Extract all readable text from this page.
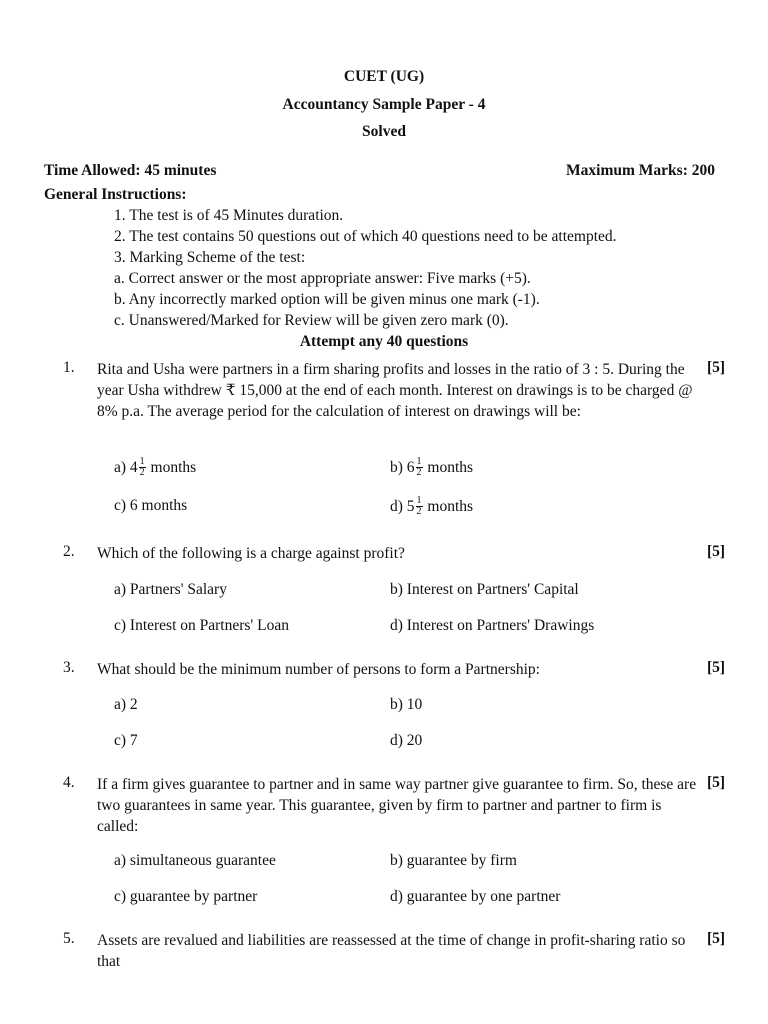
CUET (UG)
Accountancy Sample Paper - 4
Solved
Time Allowed: 45 minutes	Maximum Marks: 200
General Instructions:
1. The test is of 45 Minutes duration.
2. The test contains 50 questions out of which 40 questions need to be attempted.
3. Marking Scheme of the test:
a. Correct answer or the most appropriate answer: Five marks (+5).
b. Any incorrectly marked option will be given minus one mark (-1).
c. Unanswered/Marked for Review will be given zero mark (0).
Attempt any 40 questions
1. Rita and Usha were partners in a firm sharing profits and losses in the ratio of 3 : 5. During the year Usha withdrew ₹ 15,000 at the end of each month. Interest on drawings is to be charged @ 8% p.a. The average period for the calculation of interest on drawings will be:
[5]
a) $4 \frac{1}{2}$ months	b) $6 \frac{1}{2}$ months
c) 6 months	d) $5 \frac{1}{2}$ months
2. Which of the following is a charge against profit?	[5]
a) Partners' Salary	b) Interest on Partners' Capital
c) Interest on Partners' Loan	d) Interest on Partners' Drawings
3. What should be the minimum number of persons to form a Partnership:	[5]
a) 2	b) 10
c) 7	d) 20
4. If a firm gives guarantee to partner and in same way partner give guarantee to firm. So, these are two guarantees in same year. This guarantee, given by firm to partner and partner to firm is called:
[5]
a) simultaneous guarantee	b) guarantee by firm
c) guarantee by partner	d) guarantee by one partner
5. Assets are revalued and liabilities are reassessed at the time of change in profit-sharing ratio so that
[5]
